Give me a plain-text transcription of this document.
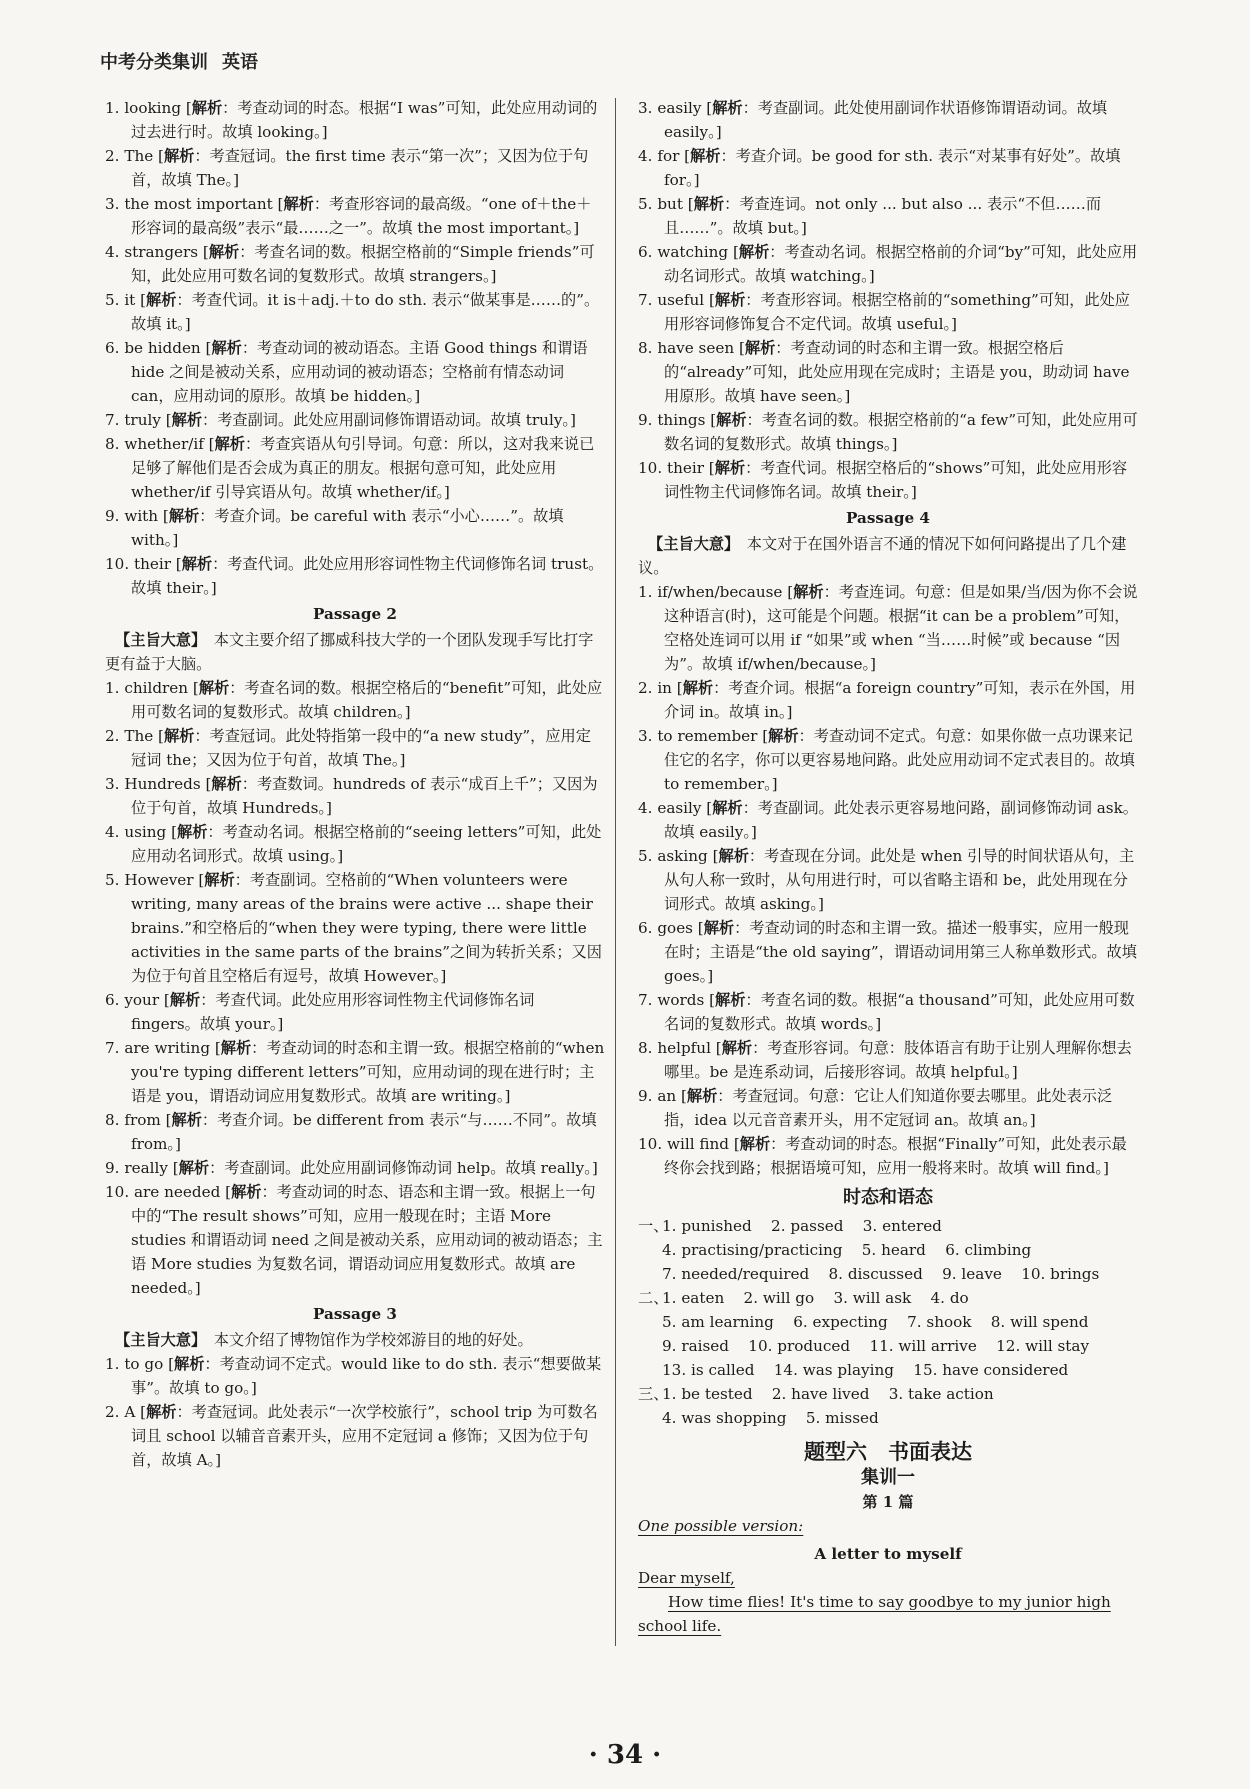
中考分类集训 英语
1. looking [解析：考查动词的时态。根据“I was”可知，此处应用动词的过去进行时。故填 looking。]
2. The [解析：考查冠词。the first time 表示“第一次”；又因为位于句首，故填 The。]
3. the most important [解析：考查形容词的最高级。“one of＋the＋形容词的最高级”表示“最……之一”。故填 the most important。]
4. strangers [解析：考查名词的数。根据空格前的“Simple friends”可知，此处应用可数名词的复数形式。故填 strangers。]
5. it [解析：考查代词。it is＋adj.＋to do sth. 表示“做某事是……的”。故填 it。]
6. be hidden [解析：考查动词的被动语态。主语 Good things 和谓语 hide 之间是被动关系，应用动词的被动语态；空格前有情态动词 can，应用动词的原形。故填 be hidden。]
7. truly [解析：考查副词。此处应用副词修饰谓语动词。故填 truly。]
8. whether/if [解析：考查宾语从句引导词。句意：所以，这对我来说已足够了解他们是否会成为真正的朋友。根据句意可知，此处应用 whether/if 引导宾语从句。故填 whether/if。]
9. with [解析：考查介词。be careful with 表示“小心……”。故填 with。]
10. their [解析：考查代词。此处应用形容词性物主代词修饰名词 trust。故填 their。]
Passage 2
【主旨大意】　本文主要介绍了挪威科技大学的一个团队发现手写比打字更有益于大脑。
1. children [解析：考查名词的数。根据空格后的“benefit”可知，此处应用可数名词的复数形式。故填 children。]
2. The [解析：考查冠词。此处特指第一段中的“a new study”，应用定冠词 the；又因为位于句首，故填 The。]
3. Hundreds [解析：考查数词。hundreds of 表示“成百上千”；又因为位于句首，故填 Hundreds。]
4. using [解析：考查动名词。根据空格前的“seeing letters”可知，此处应用动名词形式。故填 using。]
5. However [解析：考查副词。空格前的“When volunteers were writing, many areas of the brains were active ... shape their brains.”和空格后的“when they were typing, there were little activities in the same parts of the brains”之间为转折关系；又因为位于句首且空格后有逗号，故填 However。]
6. your [解析：考查代词。此处应用形容词性物主代词修饰名词 fingers。故填 your。]
7. are writing [解析：考查动词的时态和主谓一致。根据空格前的“when you're typing different letters”可知，应用动词的现在进行时；主语是 you，谓语动词应用复数形式。故填 are writing。]
8. from [解析：考查介词。be different from 表示“与……不同”。故填 from。]
9. really [解析：考查副词。此处应用副词修饰动词 help。故填 really。]
10. are needed [解析：考查动词的时态、语态和主谓一致。根据上一句中的“The result shows”可知，应用一般现在时；主语 More studies 和谓语动词 need 之间是被动关系，应用动词的被动语态；主语 More studies 为复数名词，谓语动词应用复数形式。故填 are needed。]
Passage 3
【主旨大意】　本文介绍了博物馆作为学校郊游目的地的好处。
1. to go [解析：考查动词不定式。would like to do sth. 表示“想要做某事”。故填 to go。]
2. A [解析：考查冠词。此处表示“一次学校旅行”，school trip 为可数名词且 school 以辅音音素开头，应用不定冠词 a 修饰；又因为位于句首，故填 A。]
3. easily [解析：考查副词。此处使用副词作状语修饰谓语动词。故填 easily。]
4. for [解析：考查介词。be good for sth. 表示“对某事有好处”。故填 for。]
5. but [解析：考查连词。not only ... but also ... 表示“不但……而且……”。故填 but。]
6. watching [解析：考查动名词。根据空格前的介词“by”可知，此处应用动名词形式。故填 watching。]
7. useful [解析：考查形容词。根据空格前的“something”可知，此处应用形容词修饰复合不定代词。故填 useful。]
8. have seen [解析：考查动词的时态和主谓一致。根据空格后的“already”可知，此处应用现在完成时；主语是 you，助动词 have 用原形。故填 have seen。]
9. things [解析：考查名词的数。根据空格前的“a few”可知，此处应用可数名词的复数形式。故填 things。]
10. their [解析：考查代词。根据空格后的“shows”可知，此处应用形容词性物主代词修饰名词。故填 their。]
Passage 4
【主旨大意】　本文对于在国外语言不通的情况下如何问路提出了几个建议。
1. if/when/because [解析：考查连词。句意：但是如果/当/因为你不会说这种语言(时)，这可能是个问题。根据“it can be a problem”可知，空格处连词可以用 if “如果”或 when “当……时候”或 because “因为”。故填 if/when/because。]
2. in [解析：考查介词。根据“a foreign country”可知，表示在外国，用介词 in。故填 in。]
3. to remember [解析：考查动词不定式。句意：如果你做一点功课来记住它的名字，你可以更容易地问路。此处应用动词不定式表目的。故填 to remember。]
4. easily [解析：考查副词。此处表示更容易地问路，副词修饰动词 ask。故填 easily。]
5. asking [解析：考查现在分词。此处是 when 引导的时间状语从句，主从句人称一致时，从句用进行时，可以省略主语和 be，此处用现在分词形式。故填 asking。]
6. goes [解析：考查动词的时态和主谓一致。描述一般事实，应用一般现在时；主语是“the old saying”，谓语动词用第三人称单数形式。故填 goes。]
7. words [解析：考查名词的数。根据“a thousand”可知，此处应用可数名词的复数形式。故填 words。]
8. helpful [解析：考查形容词。句意：肢体语言有助于让别人理解你想去哪里。be 是连系动词，后接形容词。故填 helpful。]
9. an [解析：考查冠词。句意：它让人们知道你要去哪里。此处表示泛指，idea 以元音音素开头，用不定冠词 an。故填 an。]
10. will find [解析：考查动词的时态。根据“Finally”可知，此处表示最终你会找到路；根据语境可知，应用一般将来时。故填 will find。]
时态和语态
一、1. punished    2. passed    3. entered
4. practising/practicing    5. heard    6. climbing
7. needed/required    8. discussed    9. leave    10. brings
二、1. eaten    2. will go    3. will ask    4. do
5. am learning    6. expecting    7. shook    8. will spend
9. raised    10. produced    11. will arrive    12. will stay
13. is called    14. was playing    15. have considered
三、1. be tested    2. have lived    3. take action
4. was shopping    5. missed
题型六　书面表达
集训一
第 1 篇
One possible version:
A letter to myself
Dear myself,
How time flies! It's time to say goodbye to my junior high school life.
· 34 ·
